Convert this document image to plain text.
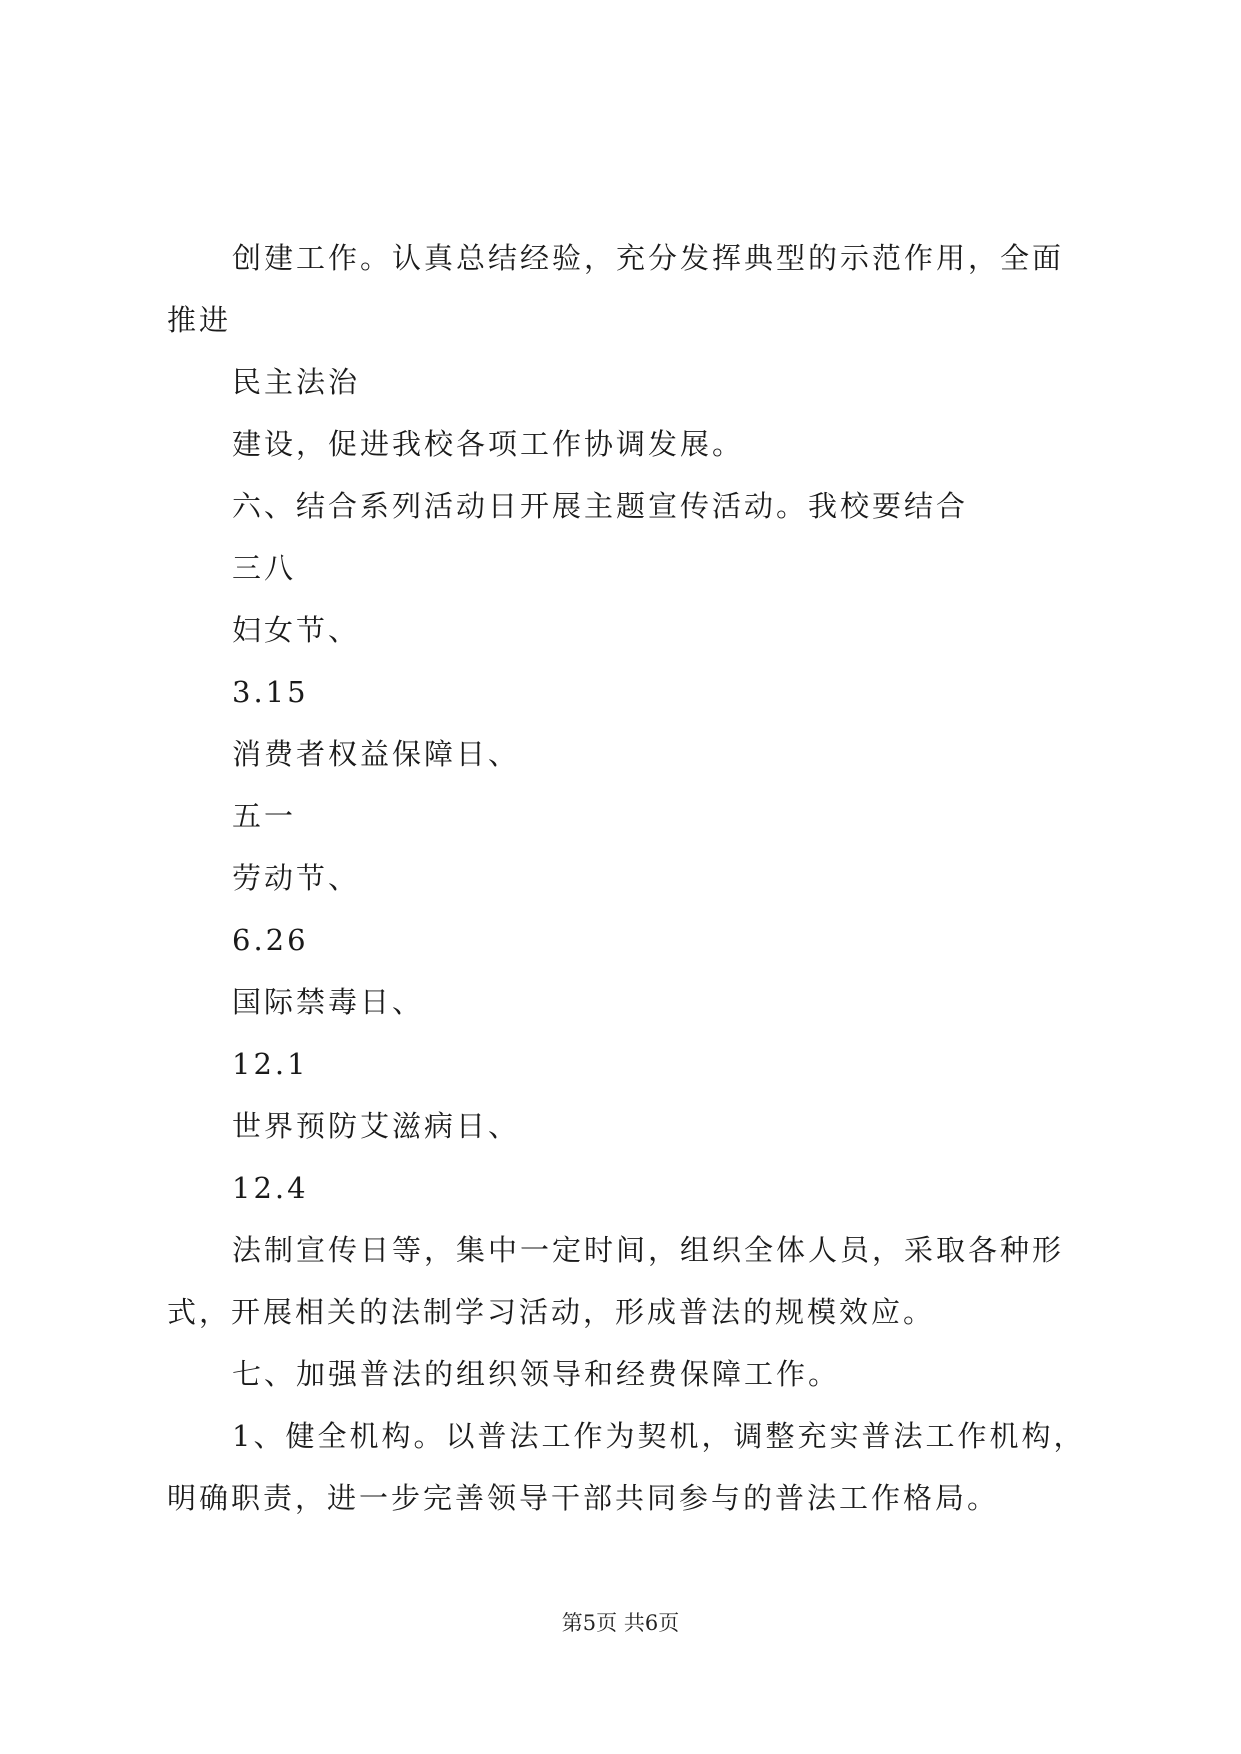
创建工作。认真总结经验，充分发挥典型的示范作用，全面
推进
民主法治
建设，促进我校各项工作协调发展。
六、结合系列活动日开展主题宣传活动。我校要结合
三八
妇女节、
3.15
消费者权益保障日、
五一
劳动节、
6.26
国际禁毒日、
12.1
世界预防艾滋病日、
12.4
法制宣传日等，集中一定时间，组织全体人员，采取各种形
式，开展相关的法制学习活动，形成普法的规模效应。
七、加强普法的组织领导和经费保障工作。
1、健全机构。以普法工作为契机，调整充实普法工作机构，
明确职责，进一步完善领导干部共同参与的普法工作格局。
第5页 共6页
